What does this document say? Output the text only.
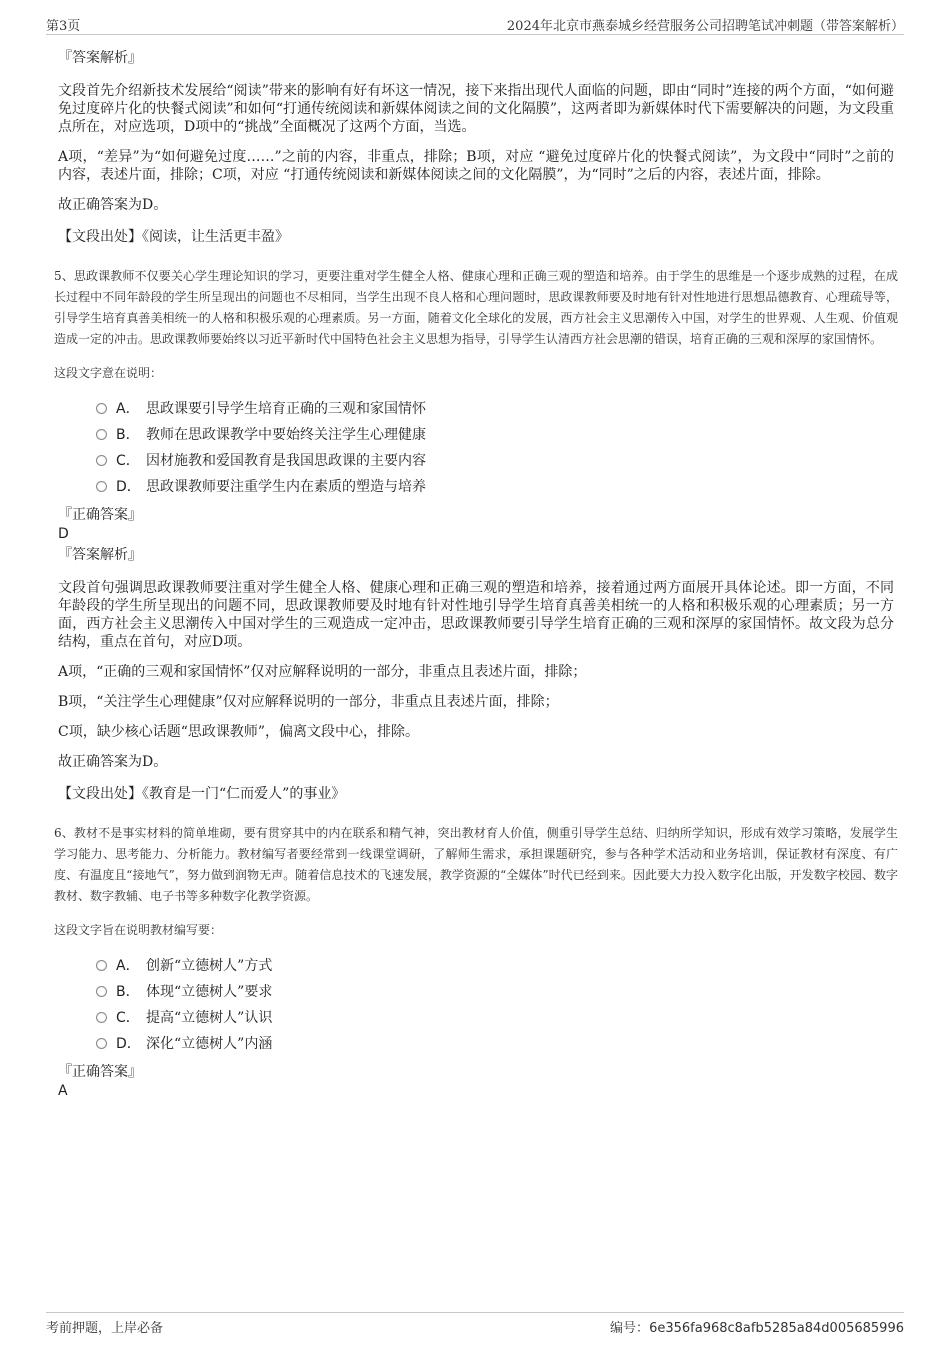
第3页	2024年北京市燕泰城乡经营服务公司招聘笔试冲刺题（带答案解析）
『答案解析』

文段首先介绍新技术发展给“阅读”带来的影响有好有坏这一情况，接下来指出现代人面临的问题，即由“同时”连接的两个方面，“如何避免过度碎片化的快餐式阅读”和如何“打通传统阅读和新媒体阅读之间的文化隔膜”，这两者即为新媒体时代下需要解决的问题，为文段重点所在，对应选项，D项中的“挑战”全面概况了这两个方面，当选。

A项，“差异”为“如何避免过度……”之前的内容，非重点，排除；B项，对应 “避免过度碎片化的快餐式阅读”，为文段中“同时”之前的内容，表述片面，排除；C项，对应 “打通传统阅读和新媒体阅读之间的文化隔膜”，为“同时”之后的内容，表述片面，排除。

故正确答案为D。

【文段出处】《阅读，让生活更丰盈》

5、思政课教师不仅要关心学生理论知识的学习，更要注重对学生健全人格、健康心理和正确三观的塑造和培养。由于学生的思维是一个逐步成熟的过程，在成长过程中不同年龄段的学生所呈现出的问题也不尽相同，当学生出现不良人格和心理问题时，思政课教师要及时地有针对性地进行思想品德教育、心理疏导等，引导学生培育真善美相统一的人格和积极乐观的心理素质。另一方面，随着文化全球化的发展，西方社会主义思潮传入中国，对学生的世界观、人生观、价值观造成一定的冲击。思政课教师要始终以习近平新时代中国特色社会主义思想为指导，引导学生认清西方社会思潮的错误，培育正确的三观和深厚的家国情怀。

这段文字意在说明：

A． 思政课要引导学生培育正确的三观和家国情怀
B． 教师在思政课教学中要始终关注学生心理健康
C． 因材施教和爱国教育是我国思政课的主要内容
D． 思政课教师要注重学生内在素质的塑造与培养
『正确答案』
D
『答案解析』

文段首句强调思政课教师要注重对学生健全人格、健康心理和正确三观的塑造和培养，接着通过两方面展开具体论述。即一方面，不同年龄段的学生所呈现出的问题不同，思政课教师要及时地有针对性地引导学生培育真善美相统一的人格和积极乐观的心理素质；另一方面，西方社会主义思潮传入中国对学生的三观造成一定冲击，思政课教师要引导学生培育正确的三观和深厚的家国情怀。故文段为总分结构，重点在首句，对应D项。

A项，“正确的三观和家国情怀”仅对应解释说明的一部分，非重点且表述片面，排除；

B项，“关注学生心理健康”仅对应解释说明的一部分，非重点且表述片面，排除；

C项，缺少核心话题“思政课教师”，偏离文段中心，排除。

故正确答案为D。

【文段出处】《教育是一门“仁而爱人”的事业》

6、教材不是事实材料的简单堆砌，要有贯穿其中的内在联系和精气神，突出教材育人价值，侧重引导学生总结、归纳所学知识，形成有效学习策略，发展学生学习能力、思考能力、分析能力。教材编写者要经常到一线课堂调研，了解师生需求，承担课题研究，参与各种学术活动和业务培训，保证教材有深度、有广度、有温度且“接地气”，努力做到润物无声。随着信息技术的飞速发展，教学资源的“全媒体”时代已经到来。因此要大力投入数字化出版，开发数字校园、数字教材、数字教辅、电子书等多种数字化教学资源。

这段文字旨在说明教材编写要：

A． 创新“立德树人”方式
B． 体现“立德树人”要求
C． 提高“立德树人”认识
D． 深化“立德树人”内涵
『正确答案』
A
考前押题，上岸必备	编号：6e356fa968c8afb5285a84d005685996
